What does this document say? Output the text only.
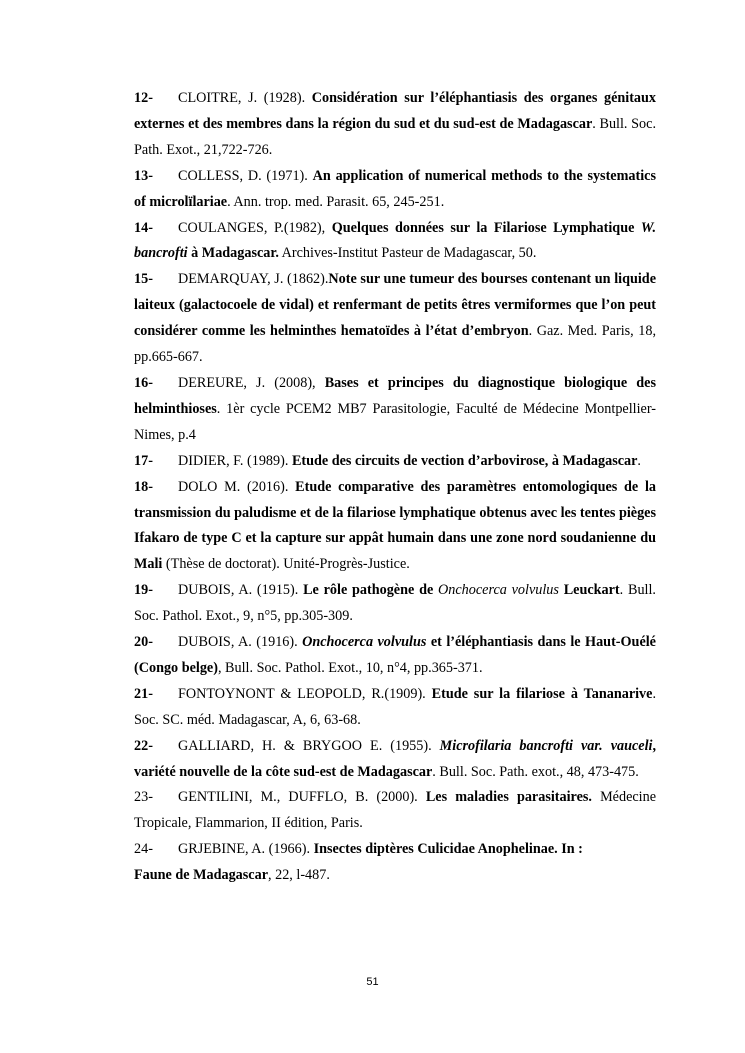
12- CLOITRE, J. (1928). Considération sur l’éléphantiasis des organes génitaux externes et des membres dans la région du sud et du sud-est de Madagascar. Bull. Soc. Path. Exot., 21,722-726.

13- COLLESS, D. (1971). An application of numerical methods to the systematics of microlïlariae. Ann. trop. med. Parasit. 65, 245-251.

14- COULANGES, P.(1982), Quelques données sur la Filariose Lymphatique W. bancrofti à Madagascar. Archives-Institut Pasteur de Madagascar, 50.

15- DEMARQUAY, J. (1862).Note sur une tumeur des bourses contenant un liquide laiteux (galactocoele de vidal) et renfermant de petits êtres vermiformes que l’on peut considérer comme les helminthes hematoïdes à l’état d’embryon. Gaz. Med. Paris, 18, pp.665-667.

16- DEREURE, J. (2008), Bases et principes du diagnostique biologique des helminthioses. 1èr cycle PCEM2 MB7 Parasitologie, Faculté de Médecine Montpellier-Nimes, p.4

17- DIDIER, F. (1989). Etude des circuits de vection d’arbovirose, à Madagascar.

18- DOLO M. (2016). Etude comparative des paramètres entomologiques de la transmission du paludisme et de la filariose lymphatique obtenus avec les tentes pièges Ifakaro de type C et la capture sur appât humain dans une zone nord soudanienne du Mali (Thèse de doctorat). Unité-Progrès-Justice.

19- DUBOIS, A. (1915). Le rôle pathogène de Onchocerca volvulus Leuckart. Bull. Soc. Pathol. Exot., 9, n°5, pp.305-309.

20- DUBOIS, A. (1916). Onchocerca volvulus et l’éléphantiasis dans le Haut-Ouélé (Congo belge), Bull. Soc. Pathol. Exot., 10, n°4, pp.365-371.

21- FONTOYNONT & LEOPOLD, R.(1909). Etude sur la filariose à Tananarive. Soc. SC. méd. Madagascar, A, 6, 63-68.

22- GALLIARD, H. & BRYGOO E. (1955). Microfilaria bancrofti var. vauceli, variété nouvelle de la côte sud-est de Madagascar. Bull. Soc. Path. exot., 48, 473-475.

23- GENTILINI, M., DUFFLO, B. (2000). Les maladies parasitaires. Médecine Tropicale, Flammarion, II édition, Paris.

24- GRJEBINE, A. (1966). Insectes diptères Culicidae Anophelinae. In :
Faune de Madagascar, 22, l-487.

51
